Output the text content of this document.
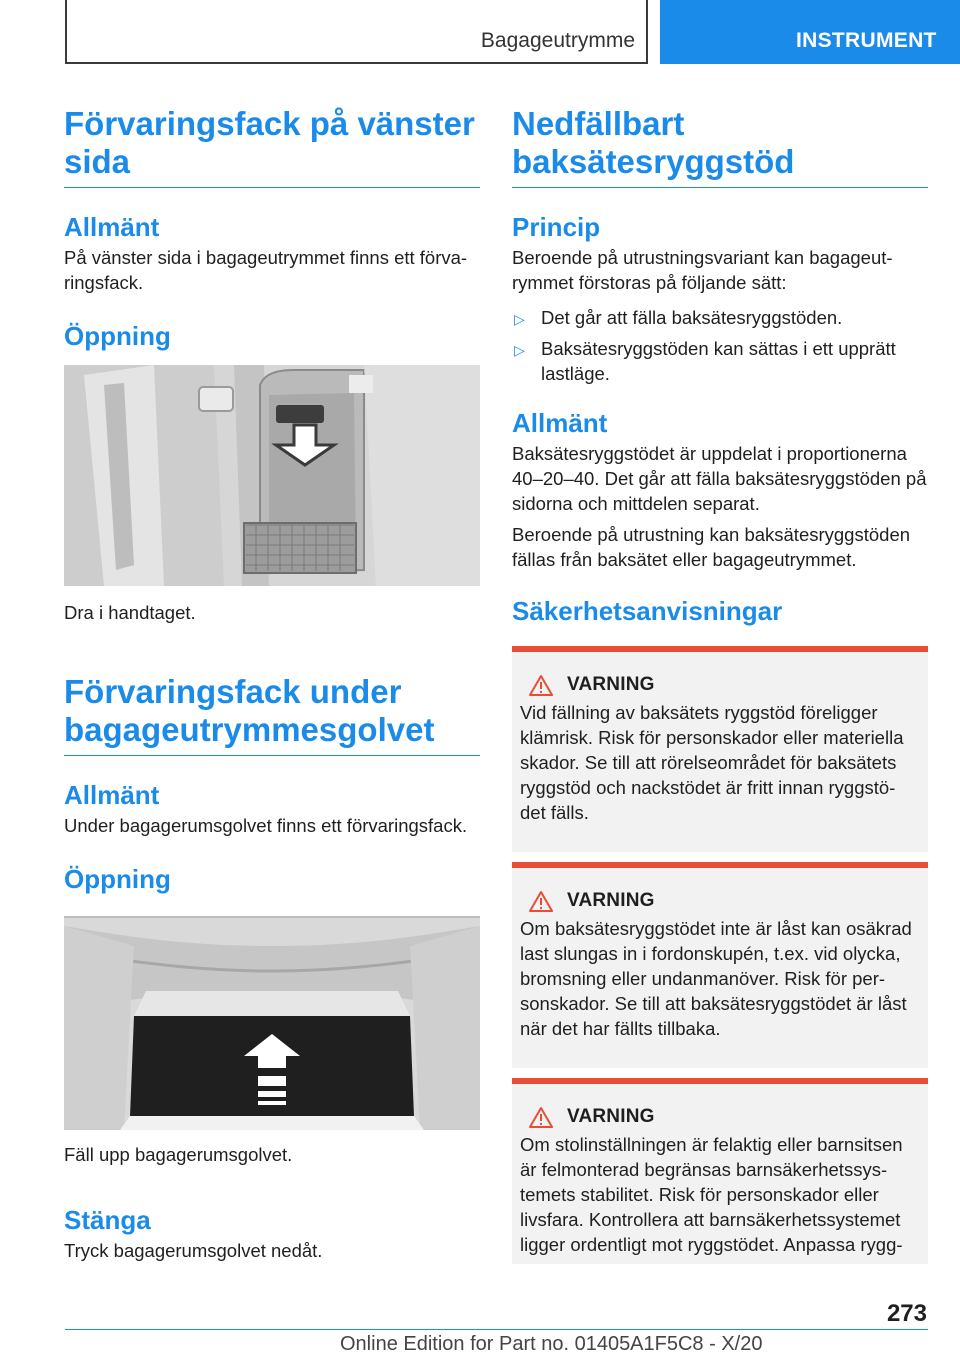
Bagageutrymme	INSTRUMENT
Förvaringsfack på vänster sida
Allmänt

På vänster sida i bagageutrymmet finns ett förva-ringsfack.

Öppning

Dra i handtaget.

Förvaringsfack under bagageutrymmesgolvet
Allmänt

Under bagagerumsgolvet finns ett förvaringsfack.

Öppning

Fäll upp bagagerumsgolvet.

Stänga

Tryck bagagerumsgolvet nedåt.

Nedfällbart baksätesryggstöd
Princip

Beroende på utrustningsvariant kan bagageut-rymmet förstoras på följande sätt:

▷ Det går att fälla baksätesryggstöden.
▷ Baksätesryggstöden kan sättas i ett upprätt lastläge.
Allmänt

Baksätesryggstödet är uppdelat i proportionerna 40–20–40. Det går att fälla baksätesryggstöden på sidorna och mittdelen separat.

Beroende på utrustning kan baksätesryggstöden fällas från baksätet eller bagageutrymmet.

Säkerhetsanvisningar
VARNING

Vid fällning av baksätets ryggstöd föreligger klämrisk. Risk för personskador eller materiella skador. Se till att rörelseområdet för baksätets ryggstöd och nackstödet är fritt innan ryggstö-det fälls.

VARNING

Om baksätesryggstödet inte är låst kan osäkrad last slungas in i fordonskupén, t.ex. vid olycka, bromsning eller undanmanöver. Risk för per-sonskador. Se till att baksätesryggstödet är låst när det har fällts tillbaka.

VARNING

Om stolinställningen är felaktig eller barnsitsen är felmonterad begränsas barnsäkerhetssys-temets stabilitet. Risk för personskador eller livsfara. Kontrollera att barnsäkerhetssystemet ligger ordentligt mot ryggstödet. Anpassa rygg-

273
Online Edition for Part no. 01405A1F5C8 - X/20
